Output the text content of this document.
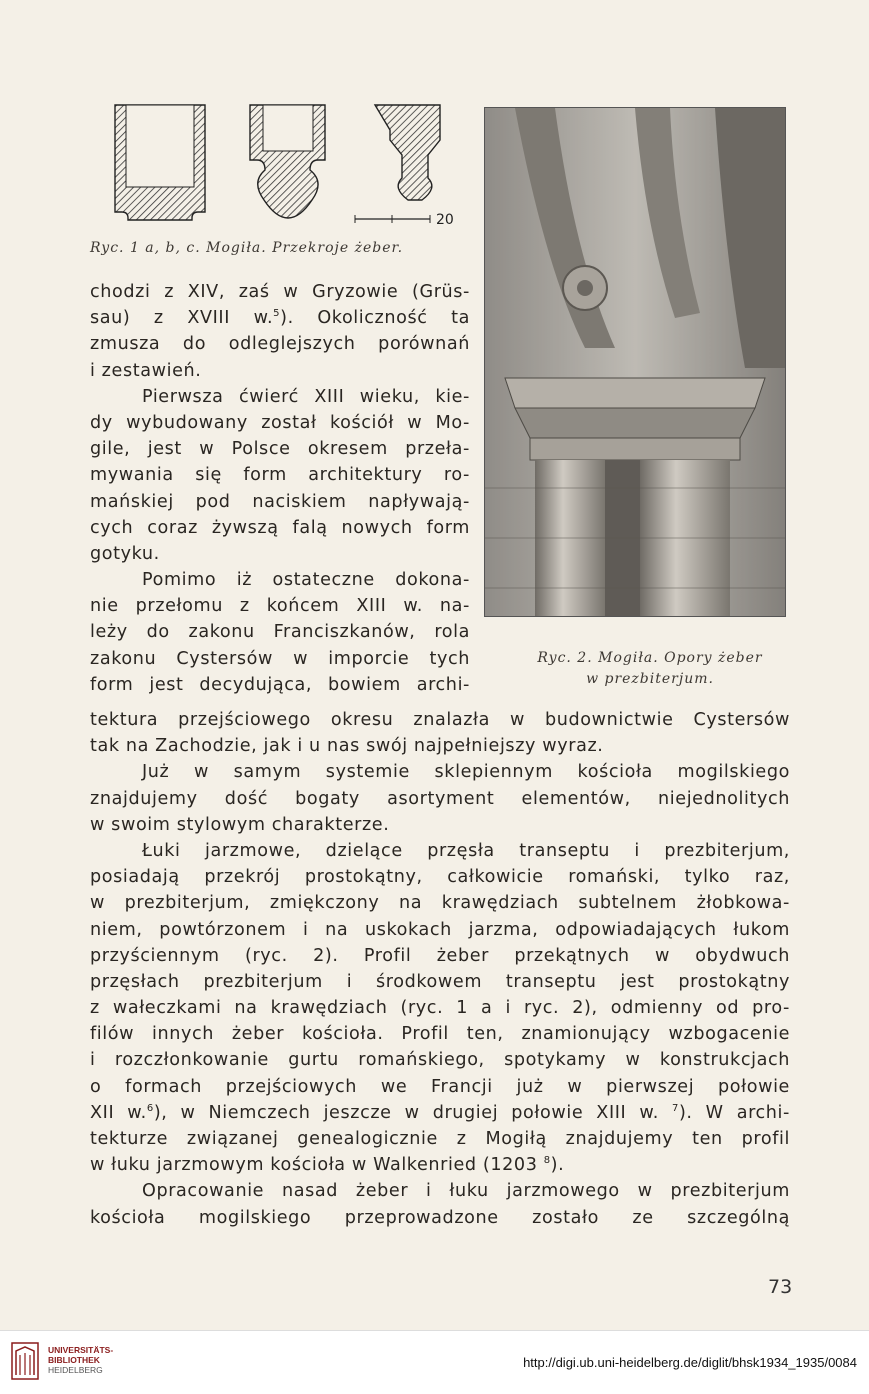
20
Ryc. 1 a, b, c. Mogiła. Przekroje żeber.
Ryc. 2. Mogiła. Opory żeber
w prezbiterjum.
chodzi z XIV, zaś w Gryzowie (Grüs-
sau) z XVIII w.$^5$). Okoliczność ta
zmusza do odleglejszych porównań
i zestawień.
Pierwsza ćwierć XIII wieku, kie-
dy wybudowany został kościół w Mo-
gile, jest w Polsce okresem przeła-
mywania się form architektury ro-
mańskiej pod naciskiem napływają-
cych coraz żywszą falą nowych form
gotyku.
Pomimo iż ostateczne dokona-
nie przełomu z końcem XIII w. na-
leży do zakonu Franciszkanów, rola
zakonu Cystersów w imporcie tych
form jest decydująca, bowiem archi-
tektura przejściowego okresu znalazła w budownictwie Cystersów
tak na Zachodzie, jak i u nas swój najpełniejszy wyraz.
Już w samym systemie sklepiennym kościoła mogilskiego
znajdujemy dość bogaty asortyment elementów, niejednolitych
w swoim stylowym charakterze.
Łuki jarzmowe, dzielące przęsła transeptu i prezbiterjum,
posiadają przekrój prostokątny, całkowicie romański, tylko raz,
w prezbiterjum, zmiękczony na krawędziach subtelnem żłobkowa-
niem, powtórzonem i na uskokach jarzma, odpowiadających łukom
przyściennym (ryc. 2). Profil żeber przekątnych w obydwuch
przęsłach prezbiterjum i środkowem transeptu jest prostokątny
z wałeczkami na krawędziach (ryc. 1 a i ryc. 2), odmienny od pro-
filów innych żeber kościoła. Profil ten, znamionujący wzbogacenie
i rozczłonkowanie gurtu romańskiego, spotykamy w konstrukcjach
o formach przejściowych we Francji już w pierwszej połowie
XII w.$^6$), w Niemczech jeszcze w drugiej połowie XIII w. $^7$). W archi-
tekturze związanej genealogicznie z Mogiłą znajdujemy ten profil
w łuku jarzmowym kościoła w Walkenried (1203 $^8$).
Opracowanie nasad żeber i łuku jarzmowego w prezbiterjum
kościoła mogilskiego przeprowadzone zostało ze szczególną
73
UNIVERSITÄTS-
BIBLIOTHEK
HEIDELBERG	http://digi.ub.uni-heidelberg.de/diglit/bhsk1934_1935/0084
